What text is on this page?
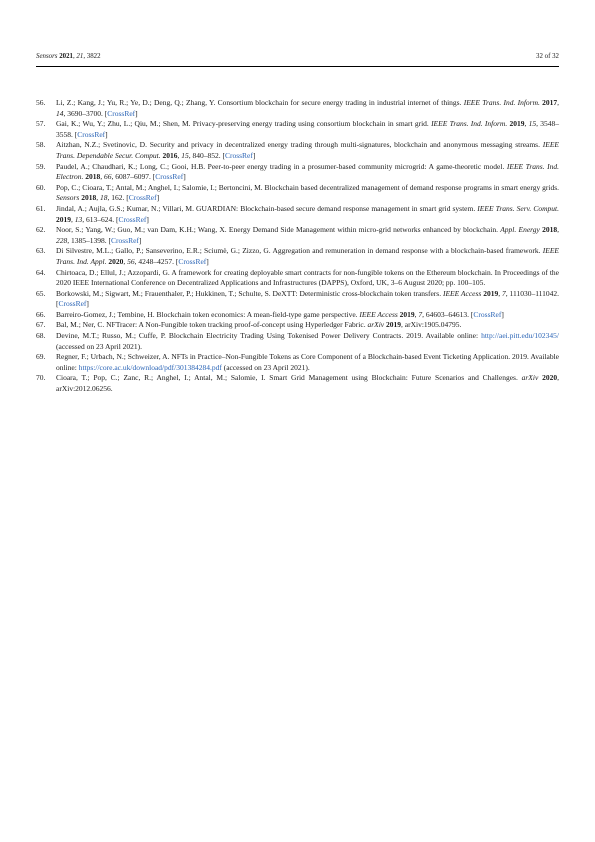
Sensors 2021, 21, 3822	32 of 32
56. Li, Z.; Kang, J.; Yu, R.; Ye, D.; Deng, Q.; Zhang, Y. Consortium blockchain for secure energy trading in industrial internet of things. IEEE Trans. Ind. Inform. 2017, 14, 3690–3700. [CrossRef]
57. Gai, K.; Wu, Y.; Zhu, L.; Qiu, M.; Shen, M. Privacy-preserving energy trading using consortium blockchain in smart grid. IEEE Trans. Ind. Inform. 2019, 15, 3548–3558. [CrossRef]
58. Aitzhan, N.Z.; Svetinovic, D. Security and privacy in decentralized energy trading through multi-signatures, blockchain and anonymous messaging streams. IEEE Trans. Dependable Secur. Comput. 2016, 15, 840–852. [CrossRef]
59. Paudel, A.; Chaudhari, K.; Long, C.; Gooi, H.B. Peer-to-peer energy trading in a prosumer-based community microgrid: A game-theoretic model. IEEE Trans. Ind. Electron. 2018, 66, 6087–6097. [CrossRef]
60. Pop, C.; Cioara, T.; Antal, M.; Anghel, I.; Salomie, I.; Bertoncini, M. Blockchain based decentralized management of demand response programs in smart energy grids. Sensors 2018, 18, 162. [CrossRef]
61. Jindal, A.; Aujla, G.S.; Kumar, N.; Villari, M. GUARDIAN: Blockchain-based secure demand response management in smart grid system. IEEE Trans. Serv. Comput. 2019, 13, 613–624. [CrossRef]
62. Noor, S.; Yang, W.; Guo, M.; van Dam, K.H.; Wang, X. Energy Demand Side Management within micro-grid networks enhanced by blockchain. Appl. Energy 2018, 228, 1385–1398. [CrossRef]
63. Di Silvestre, M.L.; Gallo, P.; Sanseverino, E.R.; Sciumè, G.; Zizzo, G. Aggregation and remuneration in demand response with a blockchain-based framework. IEEE Trans. Ind. Appl. 2020, 56, 4248–4257. [CrossRef]
64. Chirtoaca, D.; Ellul, J.; Azzopardi, G. A framework for creating deployable smart contracts for non-fungible tokens on the Ethereum blockchain. In Proceedings of the 2020 IEEE International Conference on Decentralized Applications and Infrastructures (DAPPS), Oxford, UK, 3–6 August 2020; pp. 100–105.
65. Borkowski, M.; Sigwart, M.; Frauenthaler, P.; Hukkinen, T.; Schulte, S. DeXTT: Deterministic cross-blockchain token transfers. IEEE Access 2019, 7, 111030–111042. [CrossRef]
66. Barreiro-Gomez, J.; Tembine, H. Blockchain token economics: A mean-field-type game perspective. IEEE Access 2019, 7, 64603–64613. [CrossRef]
67. Bal, M.; Ner, C. NFTracer: A Non-Fungible token tracking proof-of-concept using Hyperledger Fabric. arXiv 2019, arXiv:1905.04795.
68. Devine, M.T.; Russo, M.; Cuffe, P. Blockchain Electricity Trading Using Tokenised Power Delivery Contracts. 2019. Available online: http://aei.pitt.edu/102345/ (accessed on 23 April 2021).
69. Regner, F.; Urbach, N.; Schweizer, A. NFTs in Practice–Non-Fungible Tokens as Core Component of a Blockchain-based Event Ticketing Application. 2019. Available online: https://core.ac.uk/download/pdf/301384284.pdf (accessed on 23 April 2021).
70. Cioara, T.; Pop, C.; Zanc, R.; Anghel, I.; Antal, M.; Salomie, I. Smart Grid Management using Blockchain: Future Scenarios and Challenges. arXiv 2020, arXiv:2012.06256.
